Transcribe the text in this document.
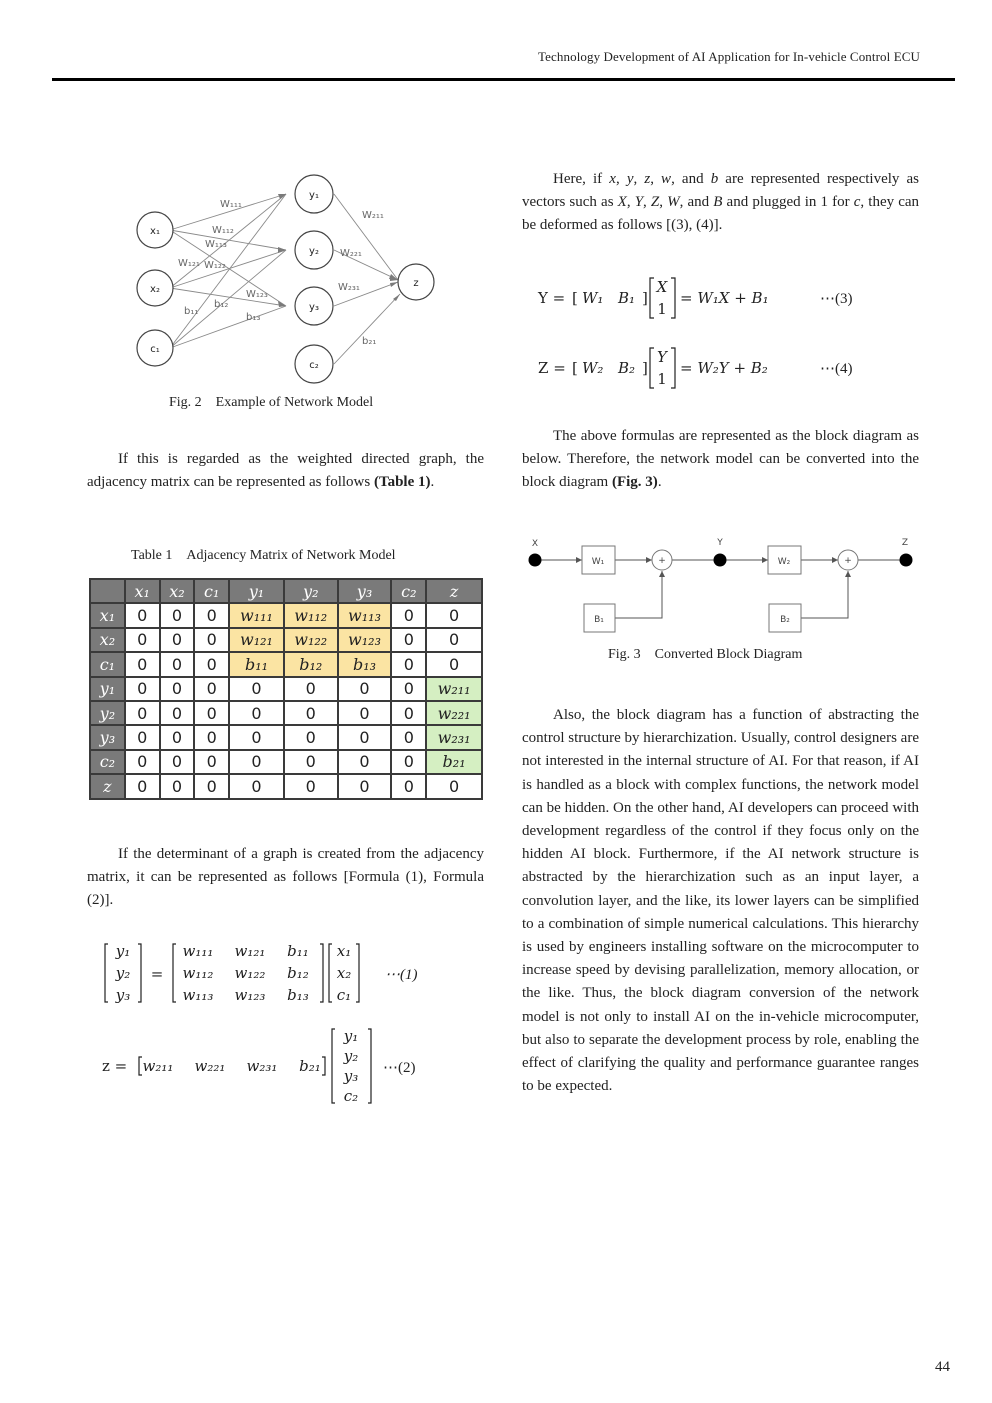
Technology Development of AI Application for In-vehicle Control ECU
x₁
x₂
c₁
y₁
y₂
y₃
c₂
z
W₁₁₁
W₁₁₂
W₁₁₃
W₁₂₁ W₁₂₂
W₁₂₃
b₁₁
b₁₂
b₁₃
W₂₁₁
W₂₂₁
W₂₃₁
b₂₁
Fig. 2 Example of Network Model
If this is regarded as the weighted directed graph, the adjacency matrix can be represented as follows (Table 1).
Table 1 Adjacency Matrix of Network Model
	x₁	x₂	c₁	y₁	y₂	y₃	c₂	z
x₁	0	0	0	w₁₁₁	w₁₁₂	w₁₁₃	0	0
x₂	0	0	0	w₁₂₁	w₁₂₂	w₁₂₃	0	0
c₁	0	0	0	b₁₁	b₁₂	b₁₃	0	0
y₁	0	0	0	0	0	0	0	w₂₁₁
y₂	0	0	0	0	0	0	0	w₂₂₁
y₃	0	0	0	0	0	0	0	w₂₃₁
c₂	0	0	0	0	0	0	0	b₂₁
z	0	0	0	0	0	0	0	0
If the determinant of a graph is created from the adjacency matrix, it can be represented as follows [Formula (1), Formula (2)].
y₁
y₂
y₃
=
w₁₁₁ w₁₂₁ b₁₁
w₁₁₂ w₁₂₂ b₁₂
w₁₁₃ w₁₂₃ b₁₃
x₁
x₂
c₁
⋯(1)
z = w₂₁₁ w₂₂₁ w₂₃₁ b₂₁
y₁
y₂
y₃
c₂
⋯(2)
Here, if x, y, z, w, and b are represented respectively as vectors such as X, Y, Z, W, and B and plugged in 1 for c, they can be deformed as follows [(3), (4)].
Y = [ W₁ B₁ ]
X
1
= W₁X + B₁	⋯(3)
Z = [ W₂ B₂ ]
Y
1
= W₂Y + B₂	⋯(4)
The above formulas are represented as the block diagram as below. Therefore, the network model can be converted into the block diagram (Fig. 3).
X	Y	Z
W₁	W₂
B₁	B₂
+	+
Fig. 3 Converted Block Diagram
Also, the block diagram has a function of abstracting the control structure by hierarchization. Usually, control designers are not interested in the internal structure of AI. For that reason, if AI is handled as a block with complex functions, the network model can be hidden. On the other hand, AI developers can proceed with development regardless of the control if they focus only on the hidden AI block. Furthermore, if the AI network structure is abstracted by the hierarchization such as an input layer, a convolution layer, and the like, its lower layers can be simplified to a combination of simple numerical calculations. This hierarchy is used by engineers installing software on the microcomputer to increase speed by devising parallelization, memory allocation, or the like. Thus, the block diagram conversion of the network model is not only to install AI on the in-vehicle microcomputer, but also to separate the development process by role, enabling the effect of clarifying the quality and performance guarantee ranges to be expected.
44
